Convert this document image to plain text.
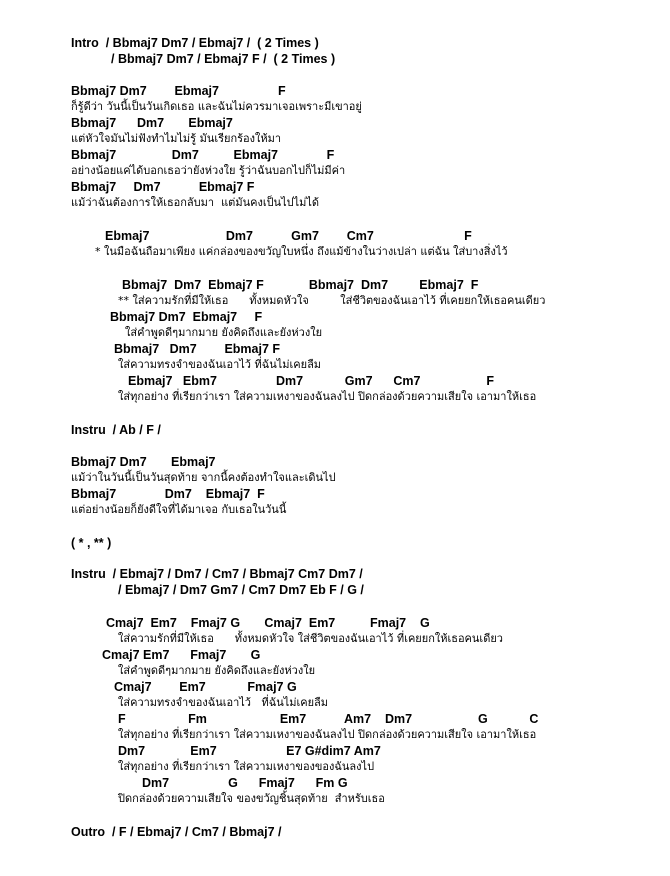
Intro  / Bbmaj7 Dm7 / Ebmaj7 /  ( 2 Times )
/ Bbmaj7 Dm7 / Ebmaj7 F /  ( 2 Times )
Bbmaj7 Dm7        Ebmaj7                 F
ก็รู้ดีว่า วันนี้เป็นวันเกิดเธอ และฉันไม่ควรมาเจอเพราะมีเขาอยู่
Bbmaj7      Dm7       Ebmaj7
แต่หัวใจมันไม่ฟังทำไมไม่รู้ มันเรียกร้องให้มา
Bbmaj7                Dm7          Ebmaj7              F
อย่างน้อยแค่ได้บอกเธอว่ายังห่วงใย รู้ว่าฉันบอกไปก็ไม่มีค่า
Bbmaj7     Dm7           Ebmaj7 F
แม้ว่าฉันต้องการให้เธอกลับมา  แต่มันคงเป็นไปไม่ได้
Ebmaj7                      Dm7           Gm7        Cm7                          F
* ในมือฉันถือมาเพียง แค่กล่องของขวัญใบหนึ่ง ถึงแม้ข้างในว่างเปล่า แต่ฉัน ใส่บางสิ่งไว้
Bbmaj7  Dm7  Ebmaj7 F             Bbmaj7  Dm7         Ebmaj7  F
** ใส่ความรักที่มีให้เธอ      ทั้งหมดหัวใจ         ใส่ชีวิตของฉันเอาไว้ ที่เคยยกให้เธอคนเดียว
Bbmaj7 Dm7  Ebmaj7     F
ใส่คำพูดดีๆมากมาย ยังคิดถึงและยังห่วงใย
Bbmaj7   Dm7        Ebmaj7 F
ใส่ความทรงจำของฉันเอาไว้ ที่ฉันไม่เคยลืม
Ebmaj7   Ebm7                 Dm7            Gm7      Cm7                   F
ใส่ทุกอย่าง ที่เรียกว่าเรา ใส่ความเหงาของฉันลงไป ปิดกล่องด้วยความเสียใจ เอามาให้เธอ
Instru  / Ab / F /
Bbmaj7 Dm7       Ebmaj7
แม้ว่าในวันนี้เป็นวันสุดท้าย จากนี้คงต้องทำใจและเดินไป
Bbmaj7              Dm7    Ebmaj7  F
แต่อย่างน้อยก็ยังดีใจที่ได้มาเจอ กับเธอในวันนี้
( * , ** )
Instru  / Ebmaj7 / Dm7 / Cm7 / Bbmaj7 Cm7 Dm7 /
/ Ebmaj7 / Dm7 Gm7 / Cm7 Dm7 Eb F / G /
Cmaj7  Em7    Fmaj7 G       Cmaj7  Em7          Fmaj7    G
ใส่ความรักที่มีให้เธอ      ทั้งหมดหัวใจ ใส่ชีวิตของฉันเอาไว้ ที่เคยยกให้เธอคนเดียว
Cmaj7 Em7      Fmaj7       G
ใส่คำพูดดีๆมากมาย ยังคิดถึงและยังห่วงใย
Cmaj7        Em7            Fmaj7 G
ใส่ความทรงจำของฉันเอาไว้   ที่ฉันไม่เคยลืม
F                  Fm                     Em7           Am7    Dm7                   G            C
ใส่ทุกอย่าง ที่เรียกว่าเรา ใส่ความเหงาของฉันลงไป ปิดกล่องด้วยความเสียใจ เอามาให้เธอ
Dm7             Em7                    E7 G#dim7 Am7
ใส่ทุกอย่าง ที่เรียกว่าเรา ใส่ความเหงาของของฉันลงไป
Dm7                 G      Fmaj7      Fm G
ปิดกล่องด้วยความเสียใจ ของขวัญชิ้นสุดท้าย  สำหรับเธอ
Outro  / F / Ebmaj7 / Cm7 / Bbmaj7 /
